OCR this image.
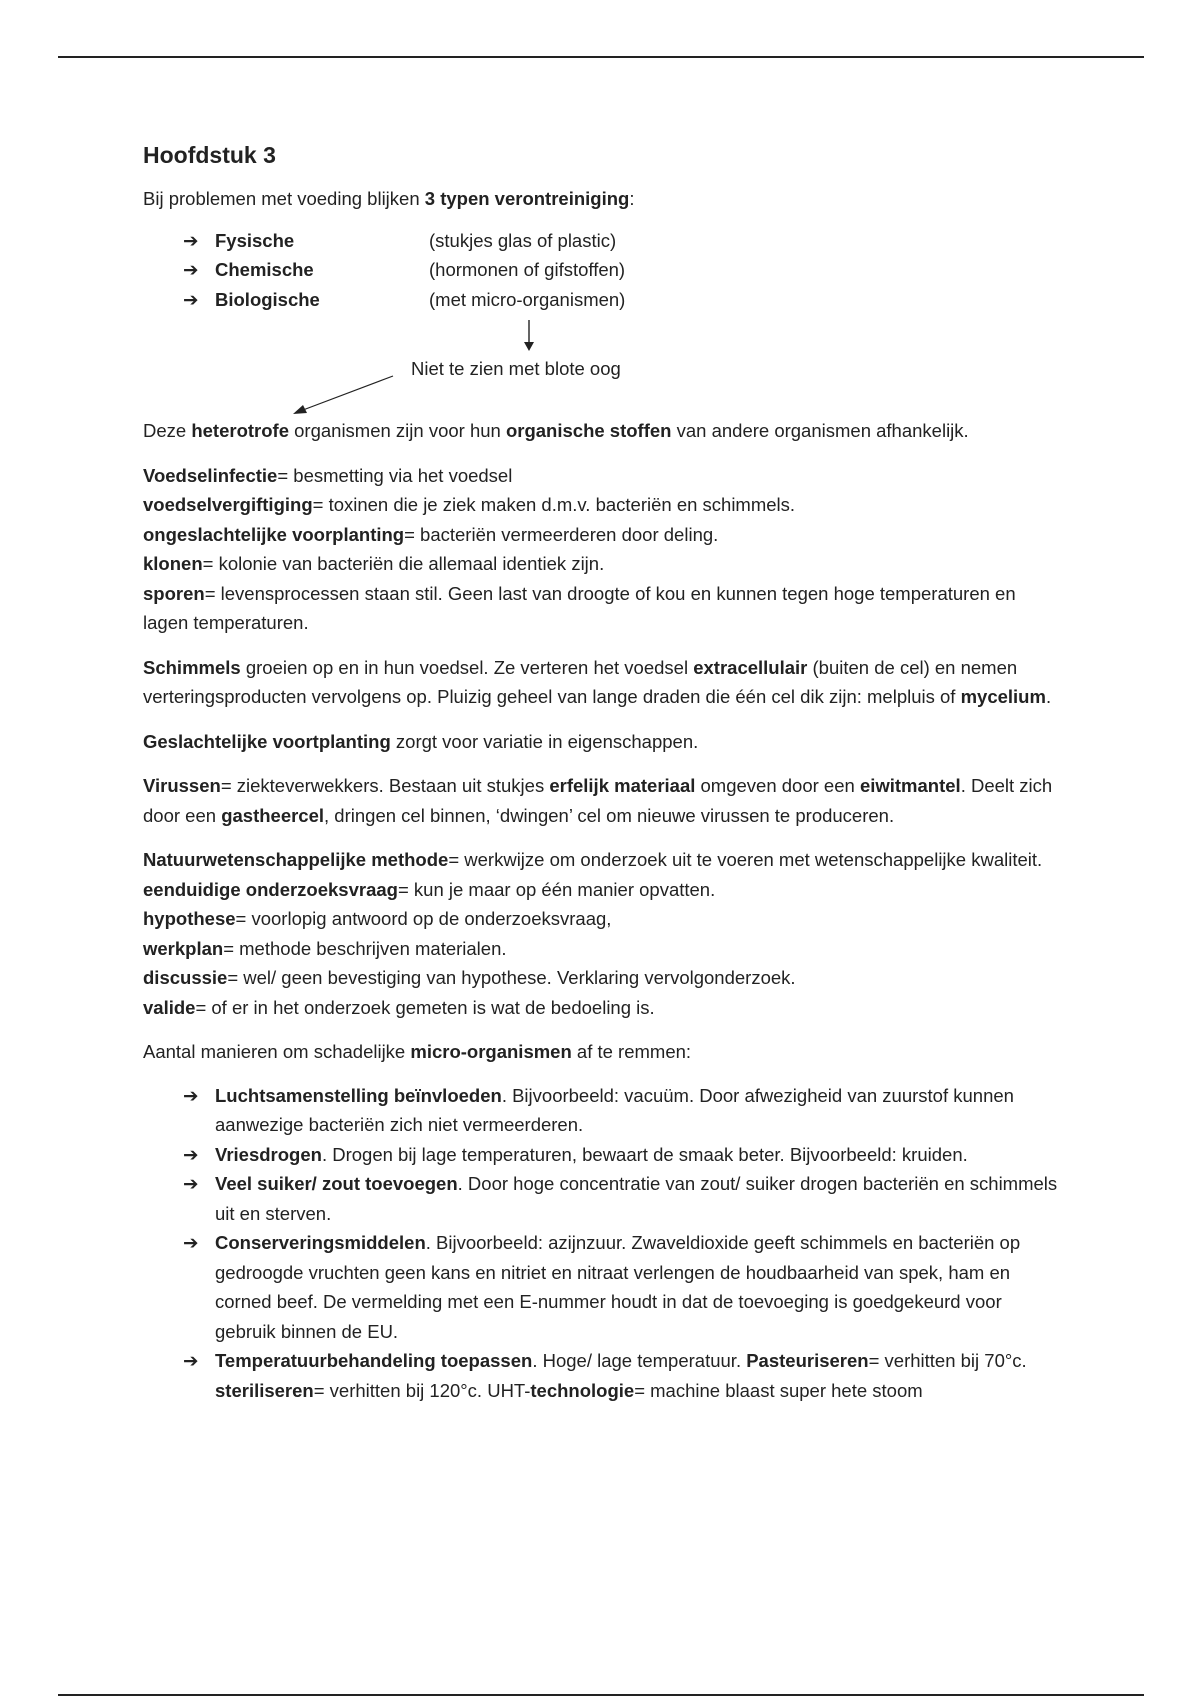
Hoofdstuk 3

Bij problemen met voeding blijken 3 typen verontreiniging:

➔ Fysische	(stukjes glas of plastic)
➔ Chemische	(hormonen of gifstoffen)
➔ Biologische	(met micro-organismen)
Niet te zien met blote oog

Deze heterotrofe organismen zijn voor hun organische stoffen van andere organismen afhankelijk.

Voedselinfectie= besmetting via het voedsel
voedselvergiftiging= toxinen die je ziek maken d.m.v. bacteriën en schimmels.
ongeslachtelijke voorplanting= bacteriën vermeerderen door deling.
klonen= kolonie van bacteriën die allemaal identiek zijn.
sporen= levensprocessen staan stil. Geen last van droogte of kou en kunnen tegen hoge temperaturen en lagen temperaturen.

Schimmels groeien op en in hun voedsel. Ze verteren het voedsel extracellulair (buiten de cel) en nemen verteringsproducten vervolgens op. Pluizig geheel van lange draden die één cel dik zijn: melpluis of mycelium.

Geslachtelijke voortplanting zorgt voor variatie in eigenschappen.

Virussen= ziekteverwekkers. Bestaan uit stukjes erfelijk materiaal omgeven door een eiwitmantel. Deelt zich door een gastheercel, dringen cel binnen, ‘dwingen’ cel om nieuwe virussen te produceren.

Natuurwetenschappelijke methode= werkwijze om onderzoek uit te voeren met wetenschappelijke kwaliteit.
eenduidige onderzoeksvraag= kun je maar op één manier opvatten.
hypothese= voorlopig antwoord op de onderzoeksvraag,
werkplan= methode beschrijven materialen.
discussie= wel/ geen bevestiging van hypothese. Verklaring vervolgonderzoek.
valide= of er in het onderzoek gemeten is wat de bedoeling is.

Aantal manieren om schadelijke micro-organismen af te remmen:

➔ Luchtsamenstelling beïnvloeden. Bijvoorbeeld: vacuüm. Door afwezigheid van zuurstof kunnen aanwezige bacteriën zich niet vermeerderen.
➔ Vriesdrogen. Drogen bij lage temperaturen, bewaart de smaak beter. Bijvoorbeeld: kruiden.
➔ Veel suiker/ zout toevoegen. Door hoge concentratie van zout/ suiker drogen bacteriën en schimmels uit en sterven.
➔ Conserveringsmiddelen. Bijvoorbeeld: azijnzuur. Zwaveldioxide geeft schimmels en bacteriën op gedroogde vruchten geen kans en nitriet en nitraat verlengen de houdbaarheid van spek, ham en corned beef. De vermelding met een E-nummer houdt in dat de toevoeging is goedgekeurd voor gebruik binnen de EU.
➔ Temperatuurbehandeling toepassen. Hoge/ lage temperatuur. Pasteuriseren= verhitten bij 70°c. steriliseren= verhitten bij 120°c. UHT-technologie= machine blaast super hete stoom
